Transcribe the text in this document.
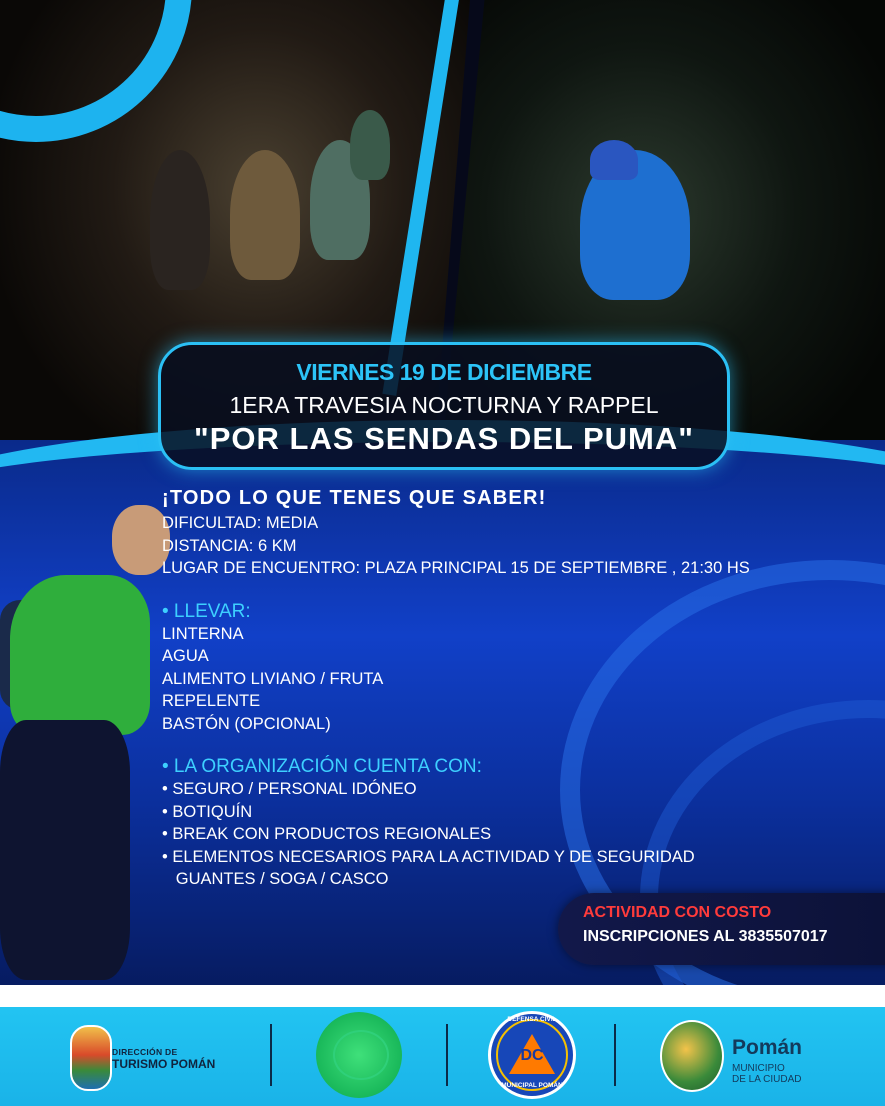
VIERNES 19 DE DICIEMBRE
1ERA TRAVESIA NOCTURNA Y RAPPEL
"POR LAS SENDAS DEL PUMA"
¡TODO LO QUE TENES QUE SABER!
DIFICULTAD: MEDIA
DISTANCIA: 6 KM
LUGAR DE ENCUENTRO: PLAZA PRINCIPAL 15 DE SEPTIEMBRE , 21:30 HS
• LLEVAR:
LINTERNA
AGUA
ALIMENTO LIVIANO / FRUTA
REPELENTE
BASTÓN (OPCIONAL)
• LA ORGANIZACIÓN CUENTA CON:
• SEGURO / PERSONAL IDÓNEO
• BOTIQUÍN
• BREAK CON PRODUCTOS REGIONALES
• ELEMENTOS NECESARIOS PARA LA ACTIVIDAD Y DE SEGURIDAD
GUANTES / SOGA / CASCO
ACTIVIDAD CON COSTO
INSCRIPCIONES AL 3835507017
DIRECCIÓN DE
TURISMO POMÁN	DC
DEFENSA CIVIL
MUNICIPAL POMÁN
Pomán
MUNICIPIO
DE LA CIUDAD
